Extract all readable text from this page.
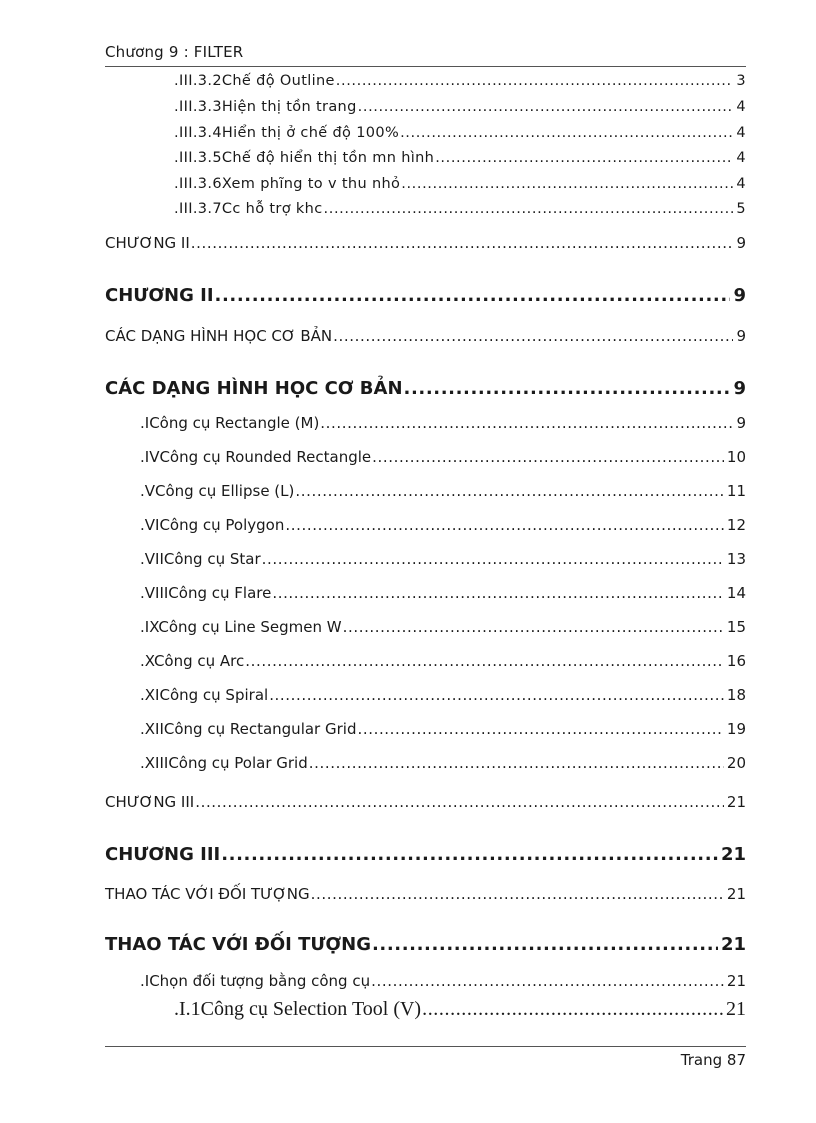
Chương 9 : FILTER
.III.3.2Chế độ Outline .....	3
.III.3.3Hiện thị tồn trang .....	4
.III.3.4Hiển thị ở chế độ 100% .....	4
.III.3.5Chế độ hiển thị tồn mn hình .....	4
.III.3.6Xem phĩng to v thu nhỏ .....	4
.III.3.7Cc hỗ trợ khc .....	5
CHƯƠNG II .....	9
CHƯƠNG II .....	9
CÁC DẠNG HÌNH HỌC CƠ BẢN .....	9
CÁC DẠNG HÌNH HỌC CƠ BẢN .....	9
.ICông cụ Rectangle (M) .....	9
.IVCông cụ Rounded Rectangle .....	10
.VCông cụ Ellipse (L) .....	11
.VICông cụ Polygon .....	12
.VIICông cụ Star .....	13
.VIIICông cụ Flare .....	14
.IXCông cụ Line Segmen W .....	15
.XCông cụ Arc .....	16
.XICông cụ Spiral .....	18
.XIICông cụ Rectangular Grid .....	19
.XIIICông cụ Polar Grid .....	20
CHƯƠNG III .....	21
CHƯƠNG III .....	21
THAO TÁC VỚI ĐỐI TƯỢNG .....	21
THAO TÁC VỚI ĐỐI TƯỢNG .....	21
.IChọn đối tượng bằng công cụ .....	21
.I.1Công cụ Selection Tool (V) .....	21
Trang 87
